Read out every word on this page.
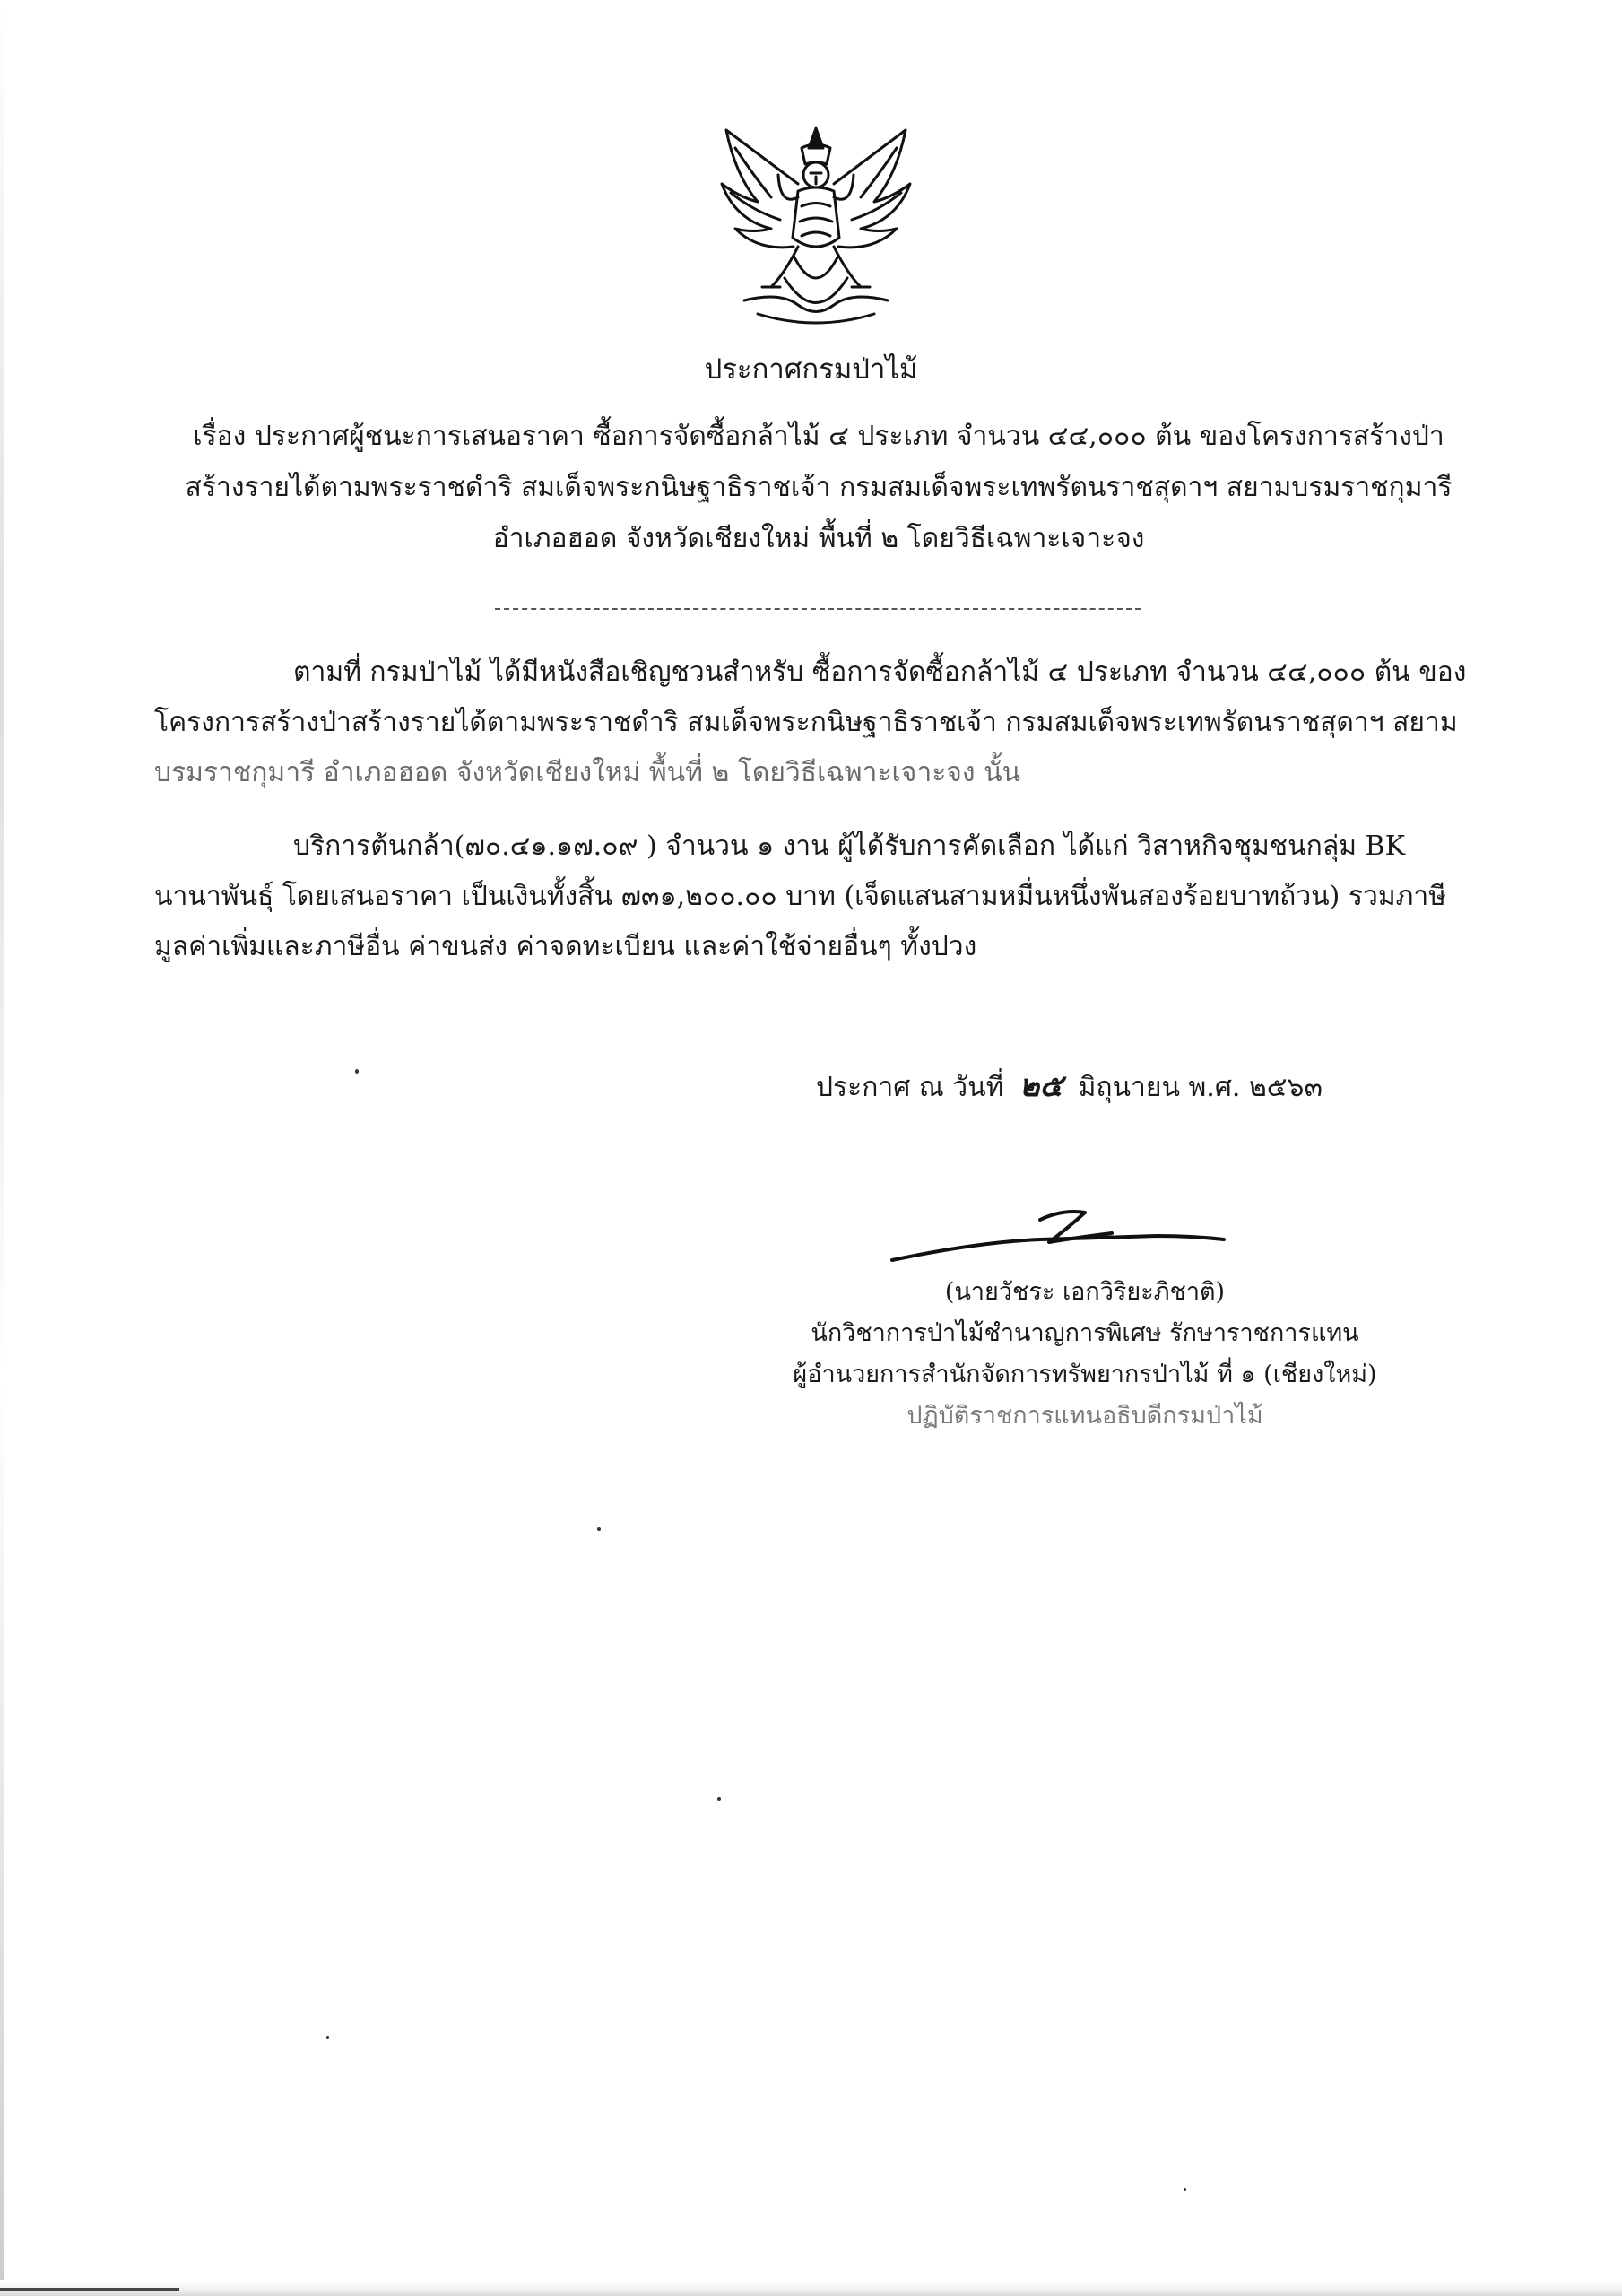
ประกาศกรมป่าไม้
เรื่อง ประกาศผู้ชนะการเสนอราคา ซื้อการจัดซื้อกล้าไม้ ๔ ประเภท จำนวน ๔๔,๐๐๐ ต้น ของโครงการสร้างป่า
สร้างรายได้ตามพระราชดำริ สมเด็จพระกนิษฐาธิราชเจ้า กรมสมเด็จพระเทพรัตนราชสุดาฯ สยามบรมราชกุมารี
อำเภอฮอด จังหวัดเชียงใหม่ พื้นที่ ๒ โดยวิธีเฉพาะเจาะจง
ตามที่ กรมป่าไม้ ได้มีหนังสือเชิญชวนสำหรับ ซื้อการจัดซื้อกล้าไม้ ๔ ประเภท จำนวน ๔๔,๐๐๐ ต้น ของ
โครงการสร้างป่าสร้างรายได้ตามพระราชดำริ สมเด็จพระกนิษฐาธิราชเจ้า กรมสมเด็จพระเทพรัตนราชสุดาฯ สยาม
บรมราชกุมารี อำเภอฮอด จังหวัดเชียงใหม่ พื้นที่ ๒ โดยวิธีเฉพาะเจาะจง นั้น
บริการต้นกล้า(๗๐.๔๑.๑๗.๐๙ ) จำนวน ๑ งาน ผู้ได้รับการคัดเลือก ได้แก่ วิสาหกิจชุมชนกลุ่ม BK
นานาพันธุ์ โดยเสนอราคา เป็นเงินทั้งสิ้น ๗๓๑,๒๐๐.๐๐ บาท (เจ็ดแสนสามหมื่นหนึ่งพันสองร้อยบาทถ้วน) รวมภาษี
มูลค่าเพิ่มและภาษีอื่น ค่าขนส่ง ค่าจดทะเบียน และค่าใช้จ่ายอื่นๆ ทั้งปวง
ประกาศ ณ วันที่ ๒๕ มิถุนายน พ.ศ. ๒๕๖๓
(นายวัชระ เอกวิริยะภิชาติ)
นักวิชาการป่าไม้ชำนาญการพิเศษ รักษาราชการแทน
ผู้อำนวยการสำนักจัดการทรัพยากรป่าไม้ ที่ ๑ (เชียงใหม่)
ปฏิบัติราชการแทนอธิบดีกรมป่าไม้
